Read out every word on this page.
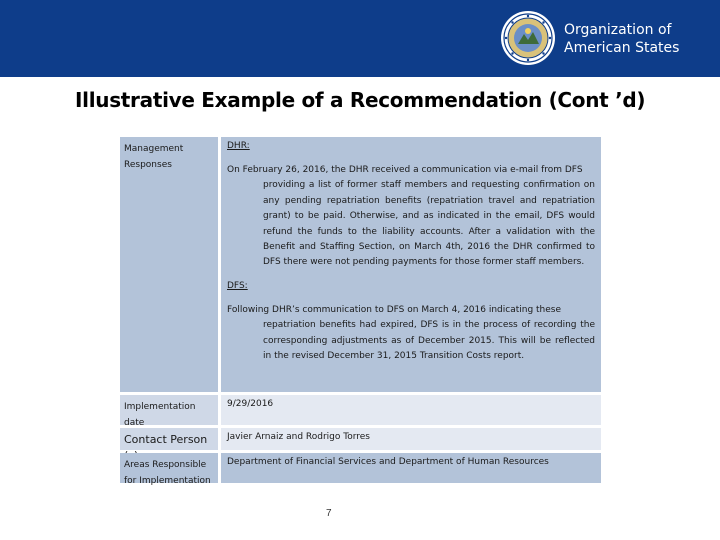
Organization of
American States
Illustrative Example of a Recommendation (Cont ’d)
Management Responses
DHR:
On February 26, 2016, the DHR received a communication via e-mail from DFS
providing a list of former staff members and requesting confirmation on any pending repatriation benefits (repatriation travel and repatriation grant) to be paid. Otherwise, and as indicated in the email, DFS would refund the funds to the liability accounts. After a validation with the Benefit and Staffing Section, on March 4th, 2016 the DHR confirmed to DFS there were not pending payments for those former staff members.
DFS:
Following DHR’s communication to DFS on March 4, 2016 indicating these
repatriation benefits had expired, DFS is in the process of recording the corresponding adjustments as of December 2015. This will be reflected in the revised December 31, 2015 Transition Costs report.
Implementation date
9/29/2016
Contact Person	Javier Arnaiz and Rodrigo Torres
Areas Responsible for Implementation
Department of Financial Services and Department of Human Resources
7
